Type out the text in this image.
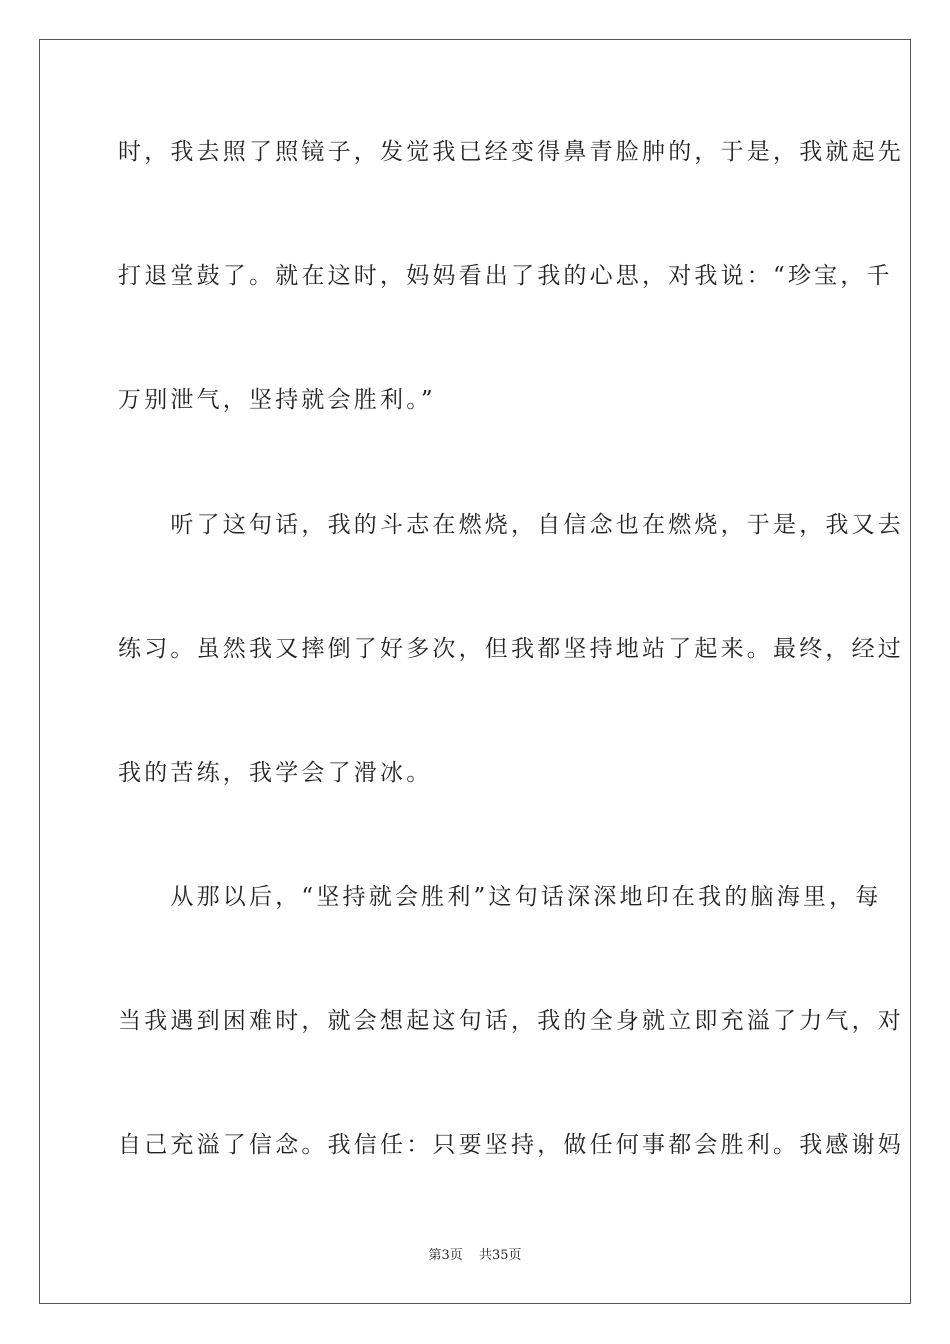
时，我去照了照镜子，发觉我已经变得鼻青脸肿的，于是，我就起先
打退堂鼓了。就在这时，妈妈看出了我的心思，对我说：“珍宝，千
万别泄气，坚持就会胜利。”
　　听了这句话，我的斗志在燃烧，自信念也在燃烧，于是，我又去
练习。虽然我又摔倒了好多次，但我都坚持地站了起来。最终，经过
我的苦练，我学会了滑冰。
　　从那以后，“坚持就会胜利”这句话深深地印在我的脑海里，每
当我遇到困难时，就会想起这句话，我的全身就立即充溢了力气，对
自己充溢了信念。我信任：只要坚持，做任何事都会胜利。我感谢妈
第3页 共35页
